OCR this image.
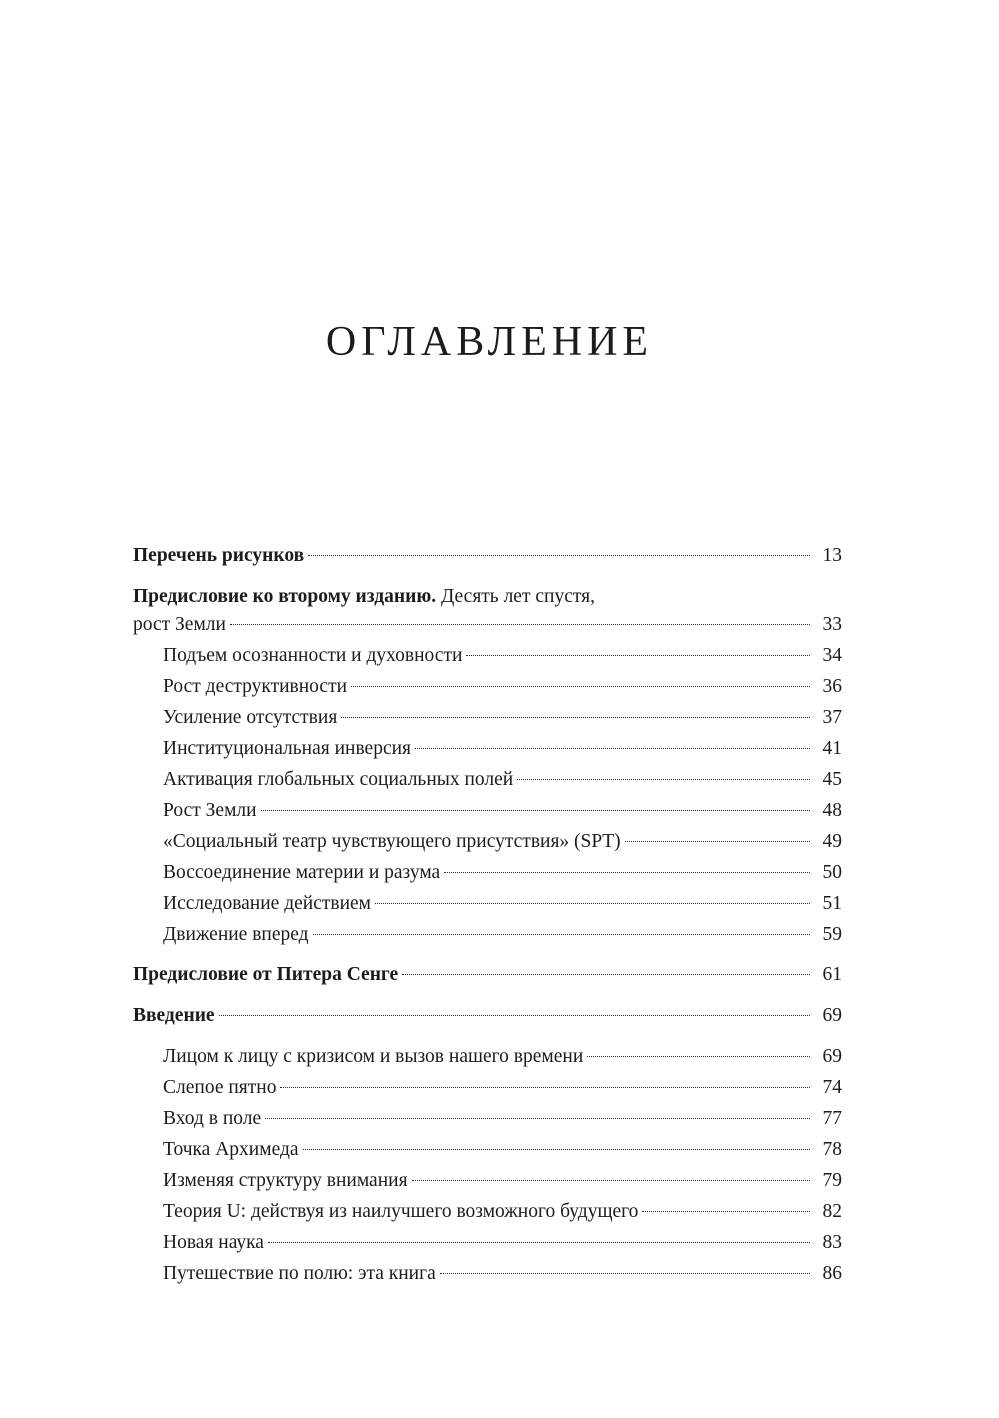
ОГЛАВЛЕНИЕ
Перечень рисунков	13
Предисловие ко второму изданию. Десять лет спустя,
рост Земли	33
Подъем осознанности и духовности	34
Рост деструктивности	36
Усиление отсутствия	37
Институциональная инверсия	41
Активация глобальных социальных полей	45
Рост Земли	48
«Социальный театр чувствующего присутствия» (SPT)	49
Воссоединение материи и разума	50
Исследование действием	51
Движение вперед	59
Предисловие от Питера Сенге	61
Введение	69
Лицом к лицу с кризисом и вызов нашего времени	69
Слепое пятно	74
Вход в поле	77
Точка Архимеда	78
Изменяя структуру внимания	79
Теория U: действуя из наилучшего возможного будущего	82
Новая наука	83
Путешествие по полю: эта книга	86
